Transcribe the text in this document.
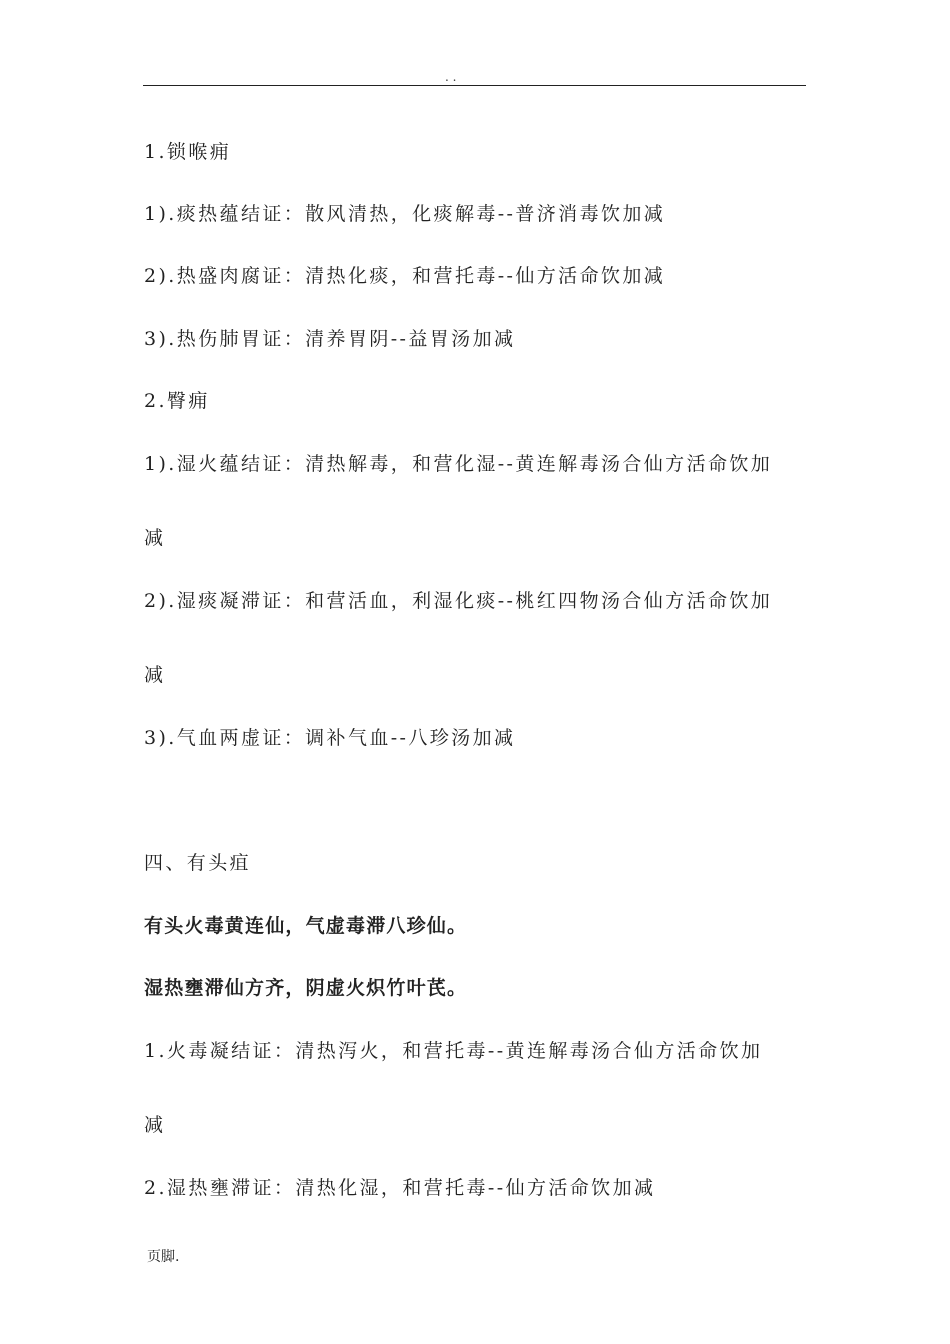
. .
1.锁喉痈
1).痰热蕴结证：散风清热，化痰解毒--普济消毒饮加减
2).热盛肉腐证：清热化痰，和营托毒--仙方活命饮加减
3).热伤肺胃证：清养胃阴--益胃汤加减
2.臀痈
1).湿火蕴结证：清热解毒，和营化湿--黄连解毒汤合仙方活命饮加
减
2).湿痰凝滞证：和营活血，利湿化痰--桃红四物汤合仙方活命饮加
减
3).气血两虚证：调补气血--八珍汤加减
四、有头疽
有头火毒黄连仙，气虚毒滞八珍仙。
湿热壅滞仙方齐，阴虚火炽竹叶芪。
1.火毒凝结证：清热泻火，和营托毒--黄连解毒汤合仙方活命饮加
减
2.湿热壅滞证：清热化湿，和营托毒--仙方活命饮加减
页脚.
